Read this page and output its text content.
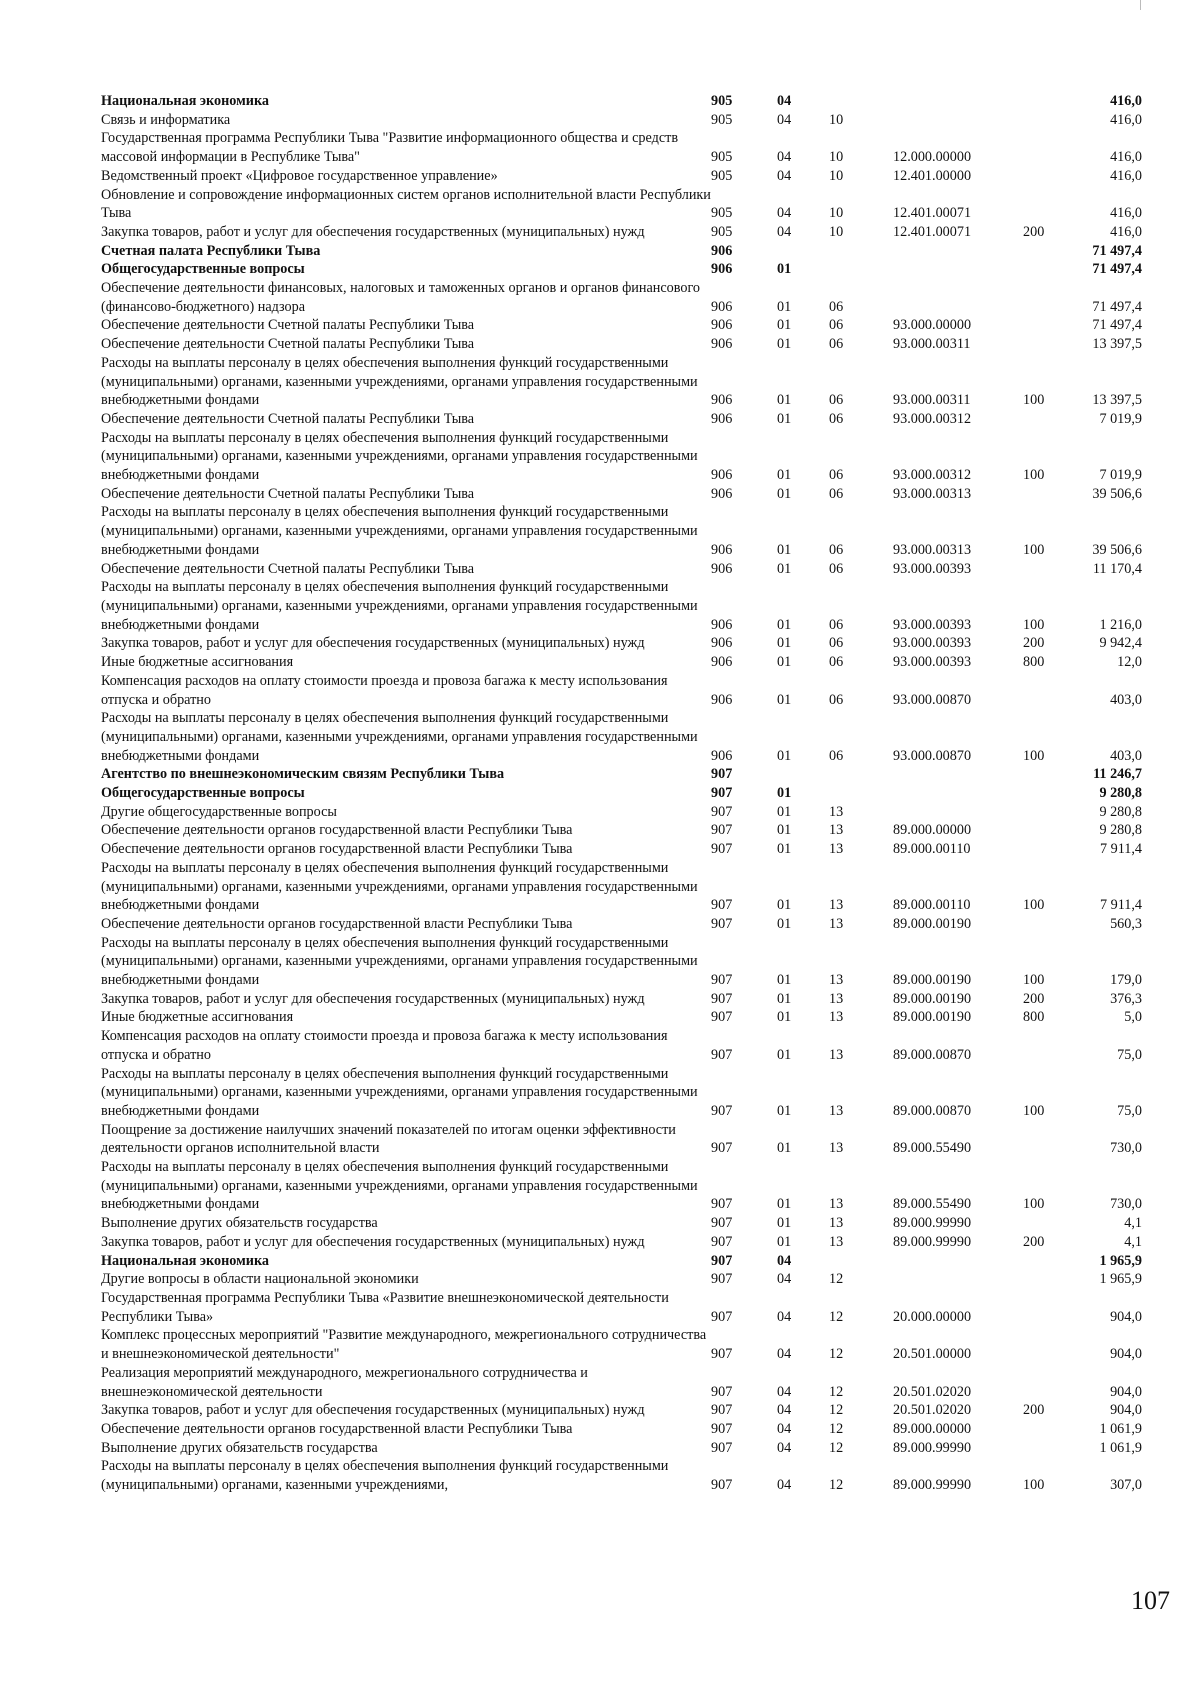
Национальная экономика	905	04				416,0
Связь и информатика	905	04	10			416,0
Государственная программа Республики Тыва "Развитие информационного общества и средств массовой информации в Республике Тыва"	905	04	10	12.000.00000		416,0
Ведомственный проект «Цифровое государственное управление»	905	04	10	12.401.00000		416,0
Обновление и сопровождение информационных систем органов исполнительной власти Республики Тыва	905	04	10	12.401.00071		416,0
Закупка товаров, работ и услуг для обеспечения государственных (муниципальных) нужд	905	04	10	12.401.00071	200	416,0
Счетная палата Республики Тыва	906					71 497,4
Общегосударственные вопросы	906	01				71 497,4
Обеспечение деятельности финансовых, налоговых и таможенных органов и органов финансового (финансово-бюджетного) надзора	906	01	06			71 497,4
Обеспечение деятельности Счетной палаты Республики Тыва	906	01	06	93.000.00000		71 497,4
Обеспечение деятельности Счетной палаты Республики Тыва	906	01	06	93.000.00311		13 397,5
Расходы на выплаты персоналу в целях обеспечения выполнения функций государственными (муниципальными) органами, казенными учреждениями, органами управления государственными внебюджетными фондами	906	01	06	93.000.00311	100	13 397,5
Обеспечение деятельности Счетной палаты Республики Тыва	906	01	06	93.000.00312		7 019,9
Расходы на выплаты персоналу в целях обеспечения выполнения функций государственными (муниципальными) органами, казенными учреждениями, органами управления государственными внебюджетными фондами	906	01	06	93.000.00312	100	7 019,9
Обеспечение деятельности Счетной палаты Республики Тыва	906	01	06	93.000.00313		39 506,6
Расходы на выплаты персоналу в целях обеспечения выполнения функций государственными (муниципальными) органами, казенными учреждениями, органами управления государственными внебюджетными фондами	906	01	06	93.000.00313	100	39 506,6
Обеспечение деятельности Счетной палаты Республики Тыва	906	01	06	93.000.00393		11 170,4
Расходы на выплаты персоналу в целях обеспечения выполнения функций государственными (муниципальными) органами, казенными учреждениями, органами управления государственными внебюджетными фондами	906	01	06	93.000.00393	100	1 216,0
Закупка товаров, работ и услуг для обеспечения государственных (муниципальных) нужд	906	01	06	93.000.00393	200	9 942,4
Иные бюджетные ассигнования	906	01	06	93.000.00393	800	12,0
Компенсация расходов на оплату стоимости проезда и провоза багажа к месту использования отпуска и обратно	906	01	06	93.000.00870		403,0
Расходы на выплаты персоналу в целях обеспечения выполнения функций государственными (муниципальными) органами, казенными учреждениями, органами управления государственными внебюджетными фондами	906	01	06	93.000.00870	100	403,0
Агентство по внешнеэкономическим связям Республики Тыва	907					11 246,7
Общегосударственные вопросы	907	01				9 280,8
Другие общегосударственные вопросы	907	01	13			9 280,8
Обеспечение деятельности органов государственной власти Республики Тыва	907	01	13	89.000.00000		9 280,8
Обеспечение деятельности органов государственной власти Республики Тыва	907	01	13	89.000.00110		7 911,4
Расходы на выплаты персоналу в целях обеспечения выполнения функций государственными (муниципальными) органами, казенными учреждениями, органами управления государственными внебюджетными фондами	907	01	13	89.000.00110	100	7 911,4
Обеспечение деятельности органов государственной власти Республики Тыва	907	01	13	89.000.00190		560,3
Расходы на выплаты персоналу в целях обеспечения выполнения функций государственными (муниципальными) органами, казенными учреждениями, органами управления государственными внебюджетными фондами	907	01	13	89.000.00190	100	179,0
Закупка товаров, работ и услуг для обеспечения государственных (муниципальных) нужд	907	01	13	89.000.00190	200	376,3
Иные бюджетные ассигнования	907	01	13	89.000.00190	800	5,0
Компенсация расходов на оплату стоимости проезда и провоза багажа к месту использования отпуска и обратно	907	01	13	89.000.00870		75,0
Расходы на выплаты персоналу в целях обеспечения выполнения функций государственными (муниципальными) органами, казенными учреждениями, органами управления государственными внебюджетными фондами	907	01	13	89.000.00870	100	75,0
Поощрение за достижение наилучших значений показателей по итогам оценки эффективности деятельности органов исполнительной власти	907	01	13	89.000.55490		730,0
Расходы на выплаты персоналу в целях обеспечения выполнения функций государственными (муниципальными) органами, казенными учреждениями, органами управления государственными внебюджетными фондами	907	01	13	89.000.55490	100	730,0
Выполнение других обязательств государства	907	01	13	89.000.99990		4,1
Закупка товаров, работ и услуг для обеспечения государственных (муниципальных) нужд	907	01	13	89.000.99990	200	4,1
Национальная экономика	907	04				1 965,9
Другие вопросы в области национальной экономики	907	04	12			1 965,9
Государственная программа Республики Тыва «Развитие внешнеэкономической деятельности Республики Тыва»	907	04	12	20.000.00000		904,0
Комплекс процессных мероприятий "Развитие международного, межрегионального сотрудничества и внешнеэкономической деятельности"	907	04	12	20.501.00000		904,0
Реализация мероприятий международного, межрегионального сотрудничества и внешнеэкономической деятельности	907	04	12	20.501.02020		904,0
Закупка товаров, работ и услуг для обеспечения государственных (муниципальных) нужд	907	04	12	20.501.02020	200	904,0
Обеспечение деятельности органов государственной власти Республики Тыва	907	04	12	89.000.00000		1 061,9
Выполнение других обязательств государства	907	04	12	89.000.99990		1 061,9
Расходы на выплаты персоналу в целях обеспечения выполнения функций государственными (муниципальными) органами, казенными учреждениями,	907	04	12	89.000.99990	100	307,0
107
